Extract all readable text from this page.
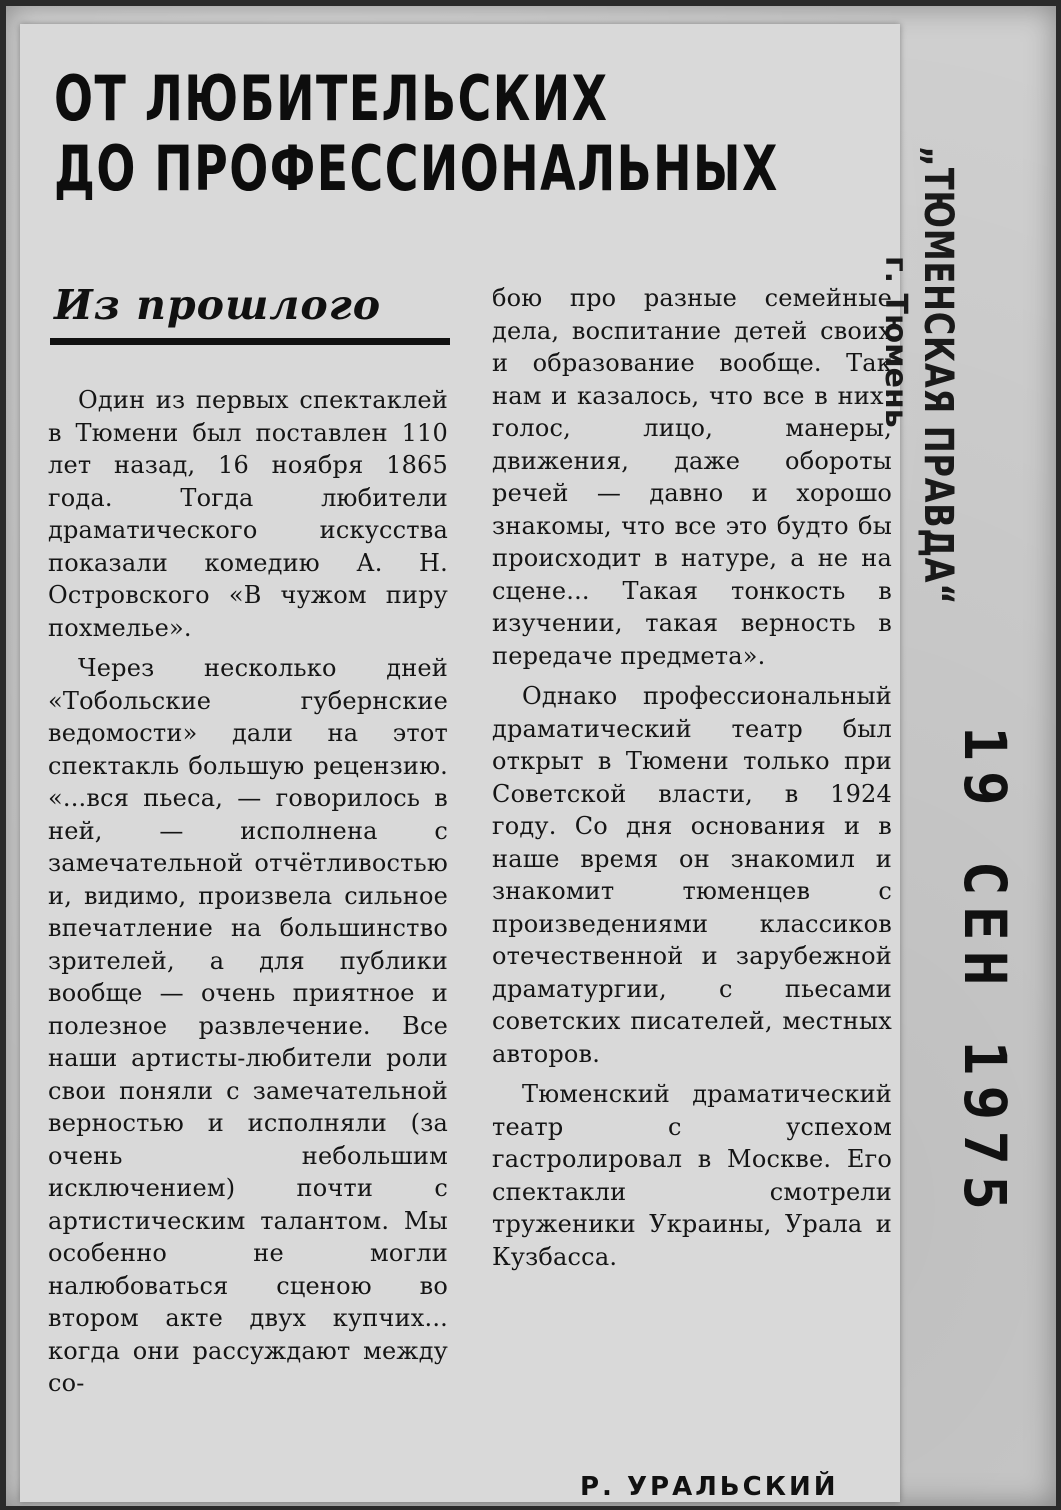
ОТ ЛЮБИТЕЛЬСКИХ
ДО ПРОФЕССИОНАЛЬНЫХ
Из прошлого

Один из первых спектаклей в Тюмени был поставлен 110 лет назад, 16 ноября 1865 года. Тогда любители драматического искусства показали комедию А. Н. Островского «В чужом пиру похмелье».

Через несколько дней «Тобольские губернские ведомости» дали на этот спектакль большую рецензию. «...вся пьеса, — говорилось в ней, — исполнена с замечательной отчётливостью и, видимо, произвела сильное впечатление на большинство зрителей, а для публики вообще — очень приятное и полезное развлечение. Все наши артисты-любители роли свои поняли с замечательной верностью и исполняли (за очень небольшим исключением) почти с артистическим талантом. Мы особенно не могли налюбоваться сценою во втором акте двух купчих... когда они рассуждают между со-

бою про разные семейные дела, воспитание детей своих и образование вообще. Так нам и казалось, что все в них: голос, лицо, манеры, движения, даже обороты речей — давно и хорошо знакомы, что все это будто бы происходит в натуре, а не на сцене... Такая тонкость в изучении, такая верность в передаче предмета».

Однако профессиональный драматический театр был открыт в Тюмени только при Советской власти, в 1924 году. Со дня основания и в наше время он знакомил и знакомит тюменцев с произведениями классиков отечественной и зарубежной драматургии, с пьесами советских писателей, местных авторов.

Тюменский драматический театр с успехом гастролировал в Москве. Его спектакли смотрели труженики Украины, Урала и Кузбасса.

Р. УРАЛЬСКИЙ
„ТЮМЕНСКАЯ ПРАВДА“
г. Тюмень
19 СЕН 1975
